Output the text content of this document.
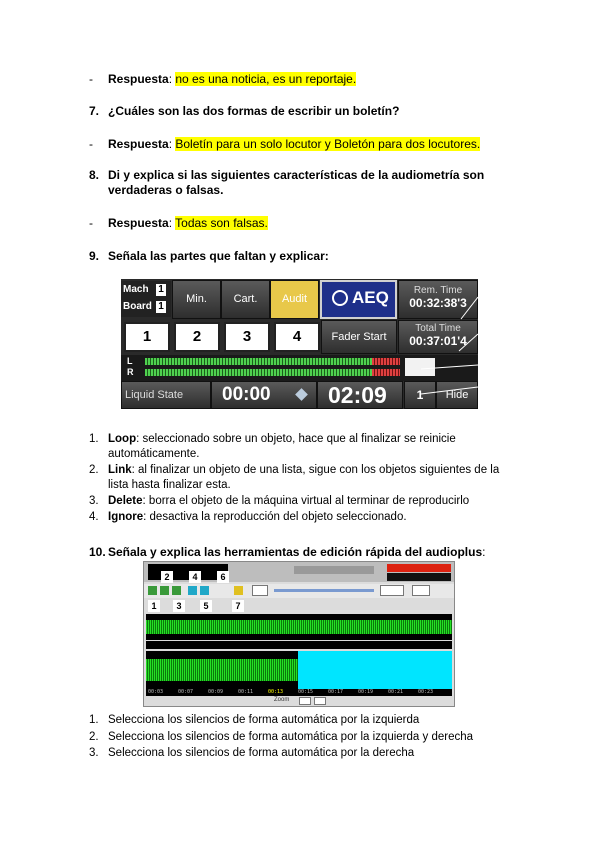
- Respuesta: no es una noticia, es un reportaje.
7. ¿Cuáles son las dos formas de escribir un boletín?
- Respuesta: Boletín para un solo locutor y Boletón para dos locutores.
8. Di y explica si las siguientes características de la audiometría son
verdaderas o falsas.
- Respuesta: Todas son falsas.
9. Señala las partes que faltan y explicar:
Mach 1
Board 1
Min.	Cart.	Audit	AEQ	Rem. Time
00:32:38'3
1	2	3	4	Fader Start
Total Time
00:37:01'4
L
R
Liquid State	00:00 02:09	1	Hide
1. Loop: seleccionado sobre un objeto, hace que al finalizar se reinicie
automáticamente.
2. Link: al finalizar un objeto de una lista, sigue con los objetos siguientes de la
lista hasta finalizar esta.
3. Delete: borra el objeto de la máquina virtual al terminar de reproducirlo
4. Ignore: desactiva la reproducción del objeto seleccionado.
10. Señala y explica las herramientas de edición rápida del audioplus:
2	4	6
1	3	5	7
00:03	00:07	00:09	00:11	00:13	00:15	00:17	00:19	00:21	00:23
Zoom
1. Selecciona los silencios de forma automática por la izquierda
2. Selecciona los silencios de forma automática por la izquierda y derecha
3. Selecciona los silencios de forma automática por la derecha
